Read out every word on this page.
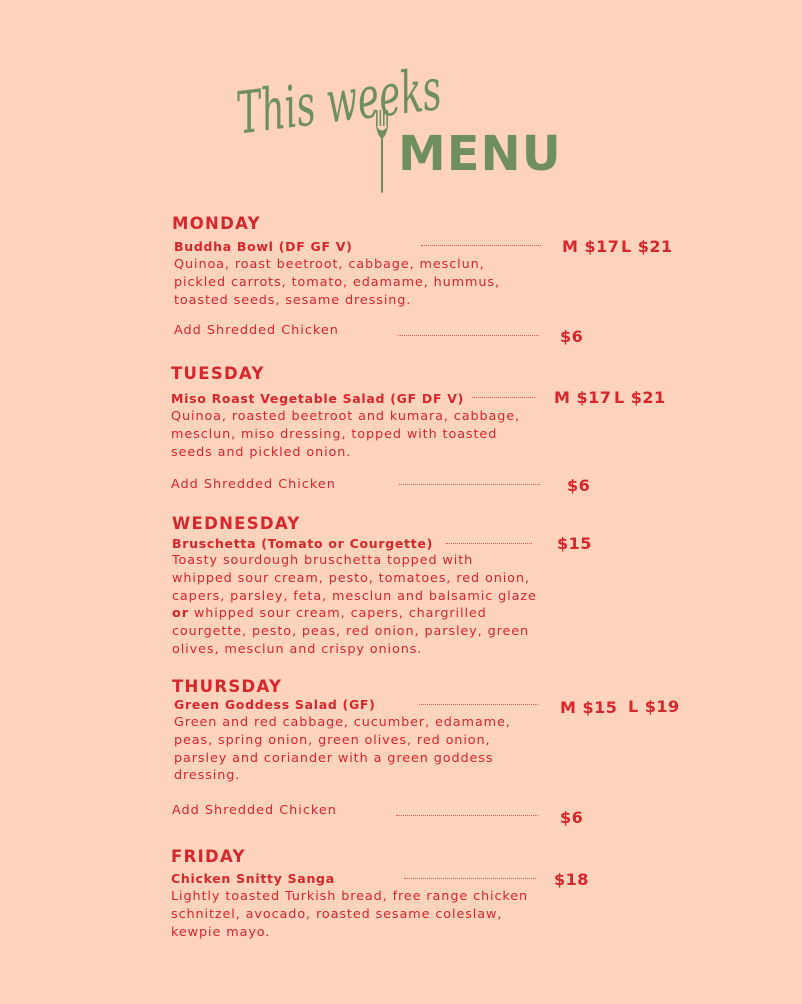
This weeks
MENU
MONDAY
Buddha Bowl (DF GF V)	M $17 L $21
Quinoa, roast beetroot, cabbage, mesclun,
pickled carrots, tomato, edamame, hummus,
toasted seeds, sesame dressing.
Add Shredded Chicken	$6
TUESDAY
Miso Roast Vegetable Salad (GF DF V)	M $17 L $21
Quinoa, roasted beetroot and kumara, cabbage,
mesclun, miso dressing, topped with toasted
seeds and pickled onion.
Add Shredded Chicken	$6
WEDNESDAY
Bruschetta (Tomato or Courgette)	$15
Toasty sourdough bruschetta topped with
whipped sour cream, pesto, tomatoes, red onion,
capers, parsley, feta, mesclun and balsamic glaze
or whipped sour cream, capers, chargrilled
courgette, pesto, peas, red onion, parsley, green
olives, mesclun and crispy onions.
THURSDAY
Green Goddess Salad (GF)	M $15 L $19
Green and red cabbage, cucumber, edamame,
peas, spring onion, green olives, red onion,
parsley and coriander with a green goddess
dressing.
Add Shredded Chicken	$6
FRIDAY
Chicken Snitty Sanga	$18
Lightly toasted Turkish bread, free range chicken
schnitzel, avocado, roasted sesame coleslaw,
kewpie mayo.
